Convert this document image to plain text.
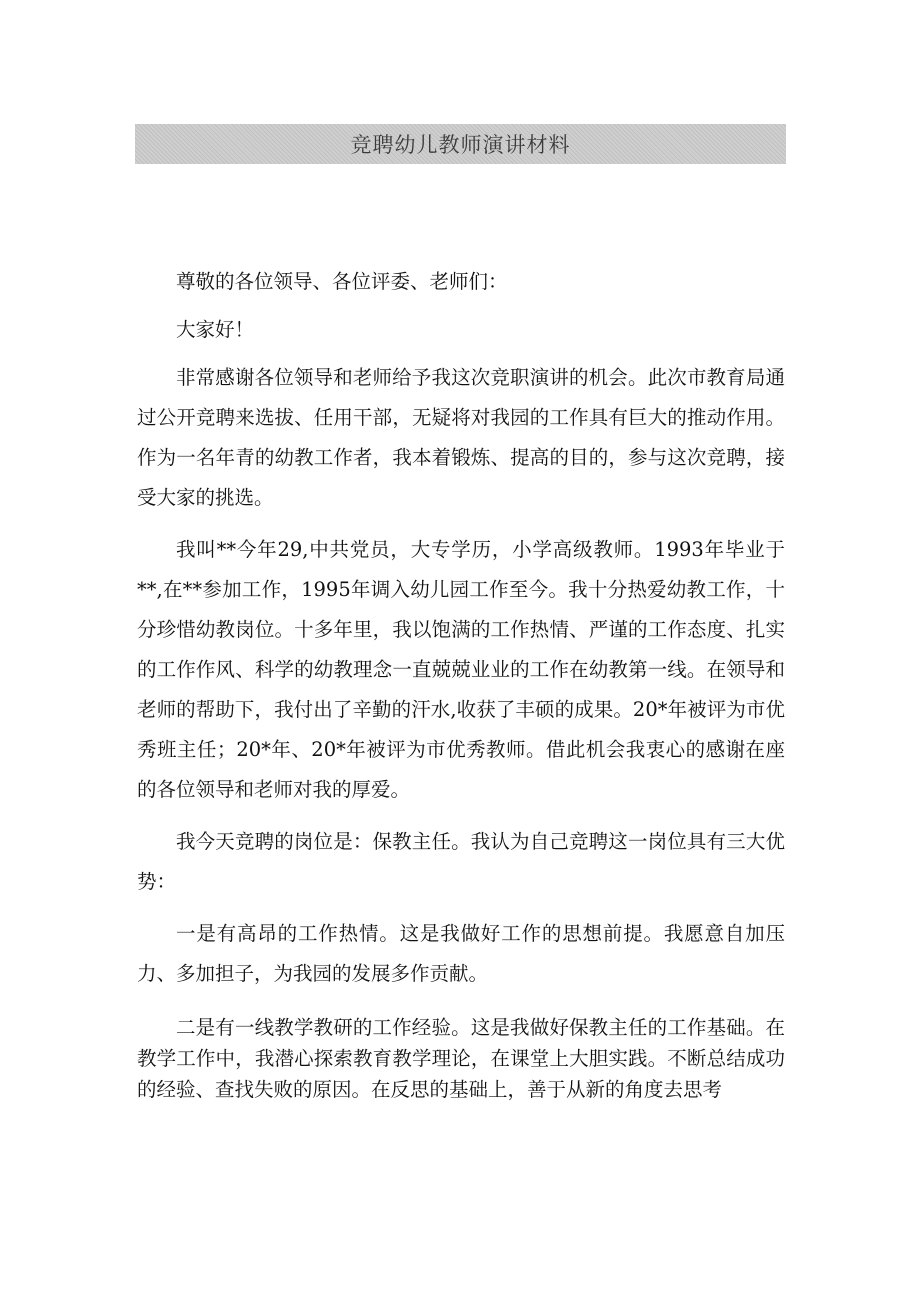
竞聘幼儿教师演讲材料

尊敬的各位领导、各位评委、老师们：

大家好！

非常感谢各位领导和老师给予我这次竞职演讲的机会。此次市教育局通过公开竞聘来选拔、任用干部，无疑将对我园的工作具有巨大的推动作用。作为一名年青的幼教工作者，我本着锻炼、提高的目的，参与这次竞聘，接受大家的挑选。

我叫**今年29,中共党员，大专学历，小学高级教师。1993年毕业于**,在**参加工作，1995年调入幼儿园工作至今。我十分热爱幼教工作，十分珍惜幼教岗位。十多年里，我以饱满的工作热情、严谨的工作态度、扎实的工作作风、科学的幼教理念一直兢兢业业的工作在幼教第一线。在领导和老师的帮助下，我付出了辛勤的汗水,收获了丰硕的成果。20*年被评为市优秀班主任；20*年、20*年被评为市优秀教师。借此机会我衷心的感谢在座的各位领导和老师对我的厚爱。

我今天竞聘的岗位是：保教主任。我认为自己竞聘这一岗位具有三大优势：

一是有高昂的工作热情。这是我做好工作的思想前提。我愿意自加压力、多加担子，为我园的发展多作贡献。

二是有一线教学教研的工作经验。这是我做好保教主任的工作基础。在教学工作中，我潜心探索教育教学理论，在课堂上大胆实践。不断总结成功的经验、查找失败的原因。在反思的基础上，善于从新的角度去思考
